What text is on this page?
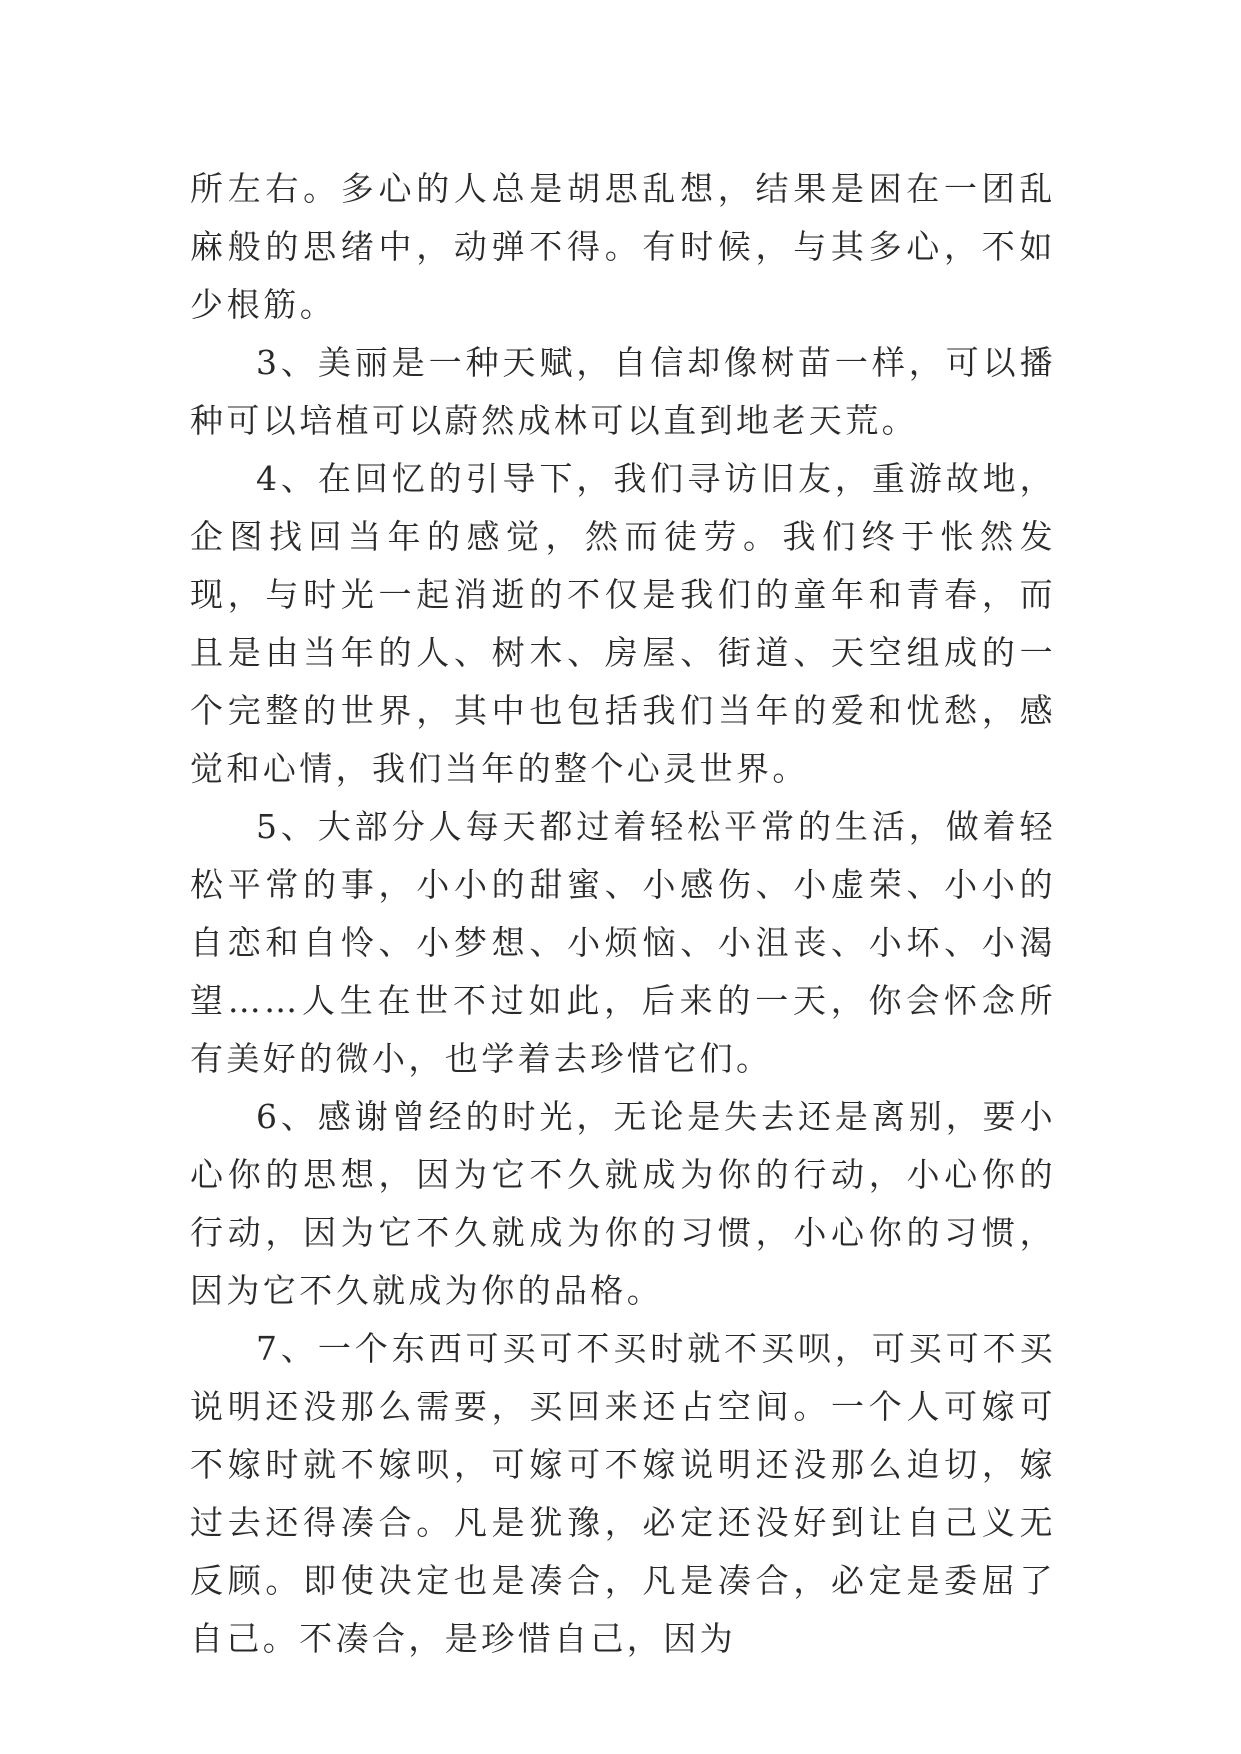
所左右。多心的人总是胡思乱想，结果是困在一团乱麻般的思绪中，动弹不得。有时候，与其多心，不如少根筋。

3、美丽是一种天赋，自信却像树苗一样，可以播种可以培植可以蔚然成林可以直到地老天荒。

4、在回忆的引导下，我们寻访旧友，重游故地，企图找回当年的感觉，然而徒劳。我们终于怅然发现，与时光一起消逝的不仅是我们的童年和青春，而且是由当年的人、树木、房屋、街道、天空组成的一个完整的世界，其中也包括我们当年的爱和忧愁，感觉和心情，我们当年的整个心灵世界。

5、大部分人每天都过着轻松平常的生活，做着轻松平常的事，小小的甜蜜、小感伤、小虚荣、小小的自恋和自怜、小梦想、小烦恼、小沮丧、小坏、小渴望……人生在世不过如此，后来的一天，你会怀念所有美好的微小，也学着去珍惜它们。

6、感谢曾经的时光，无论是失去还是离别，要小心你的思想，因为它不久就成为你的行动，小心你的行动，因为它不久就成为你的习惯，小心你的习惯，因为它不久就成为你的品格。

7、一个东西可买可不买时就不买呗，可买可不买说明还没那么需要，买回来还占空间。一个人可嫁可不嫁时就不嫁呗，可嫁可不嫁说明还没那么迫切，嫁过去还得凑合。凡是犹豫，必定还没好到让自己义无反顾。即使决定也是凑合，凡是凑合，必定是委屈了自己。不凑合，是珍惜自己，因为
